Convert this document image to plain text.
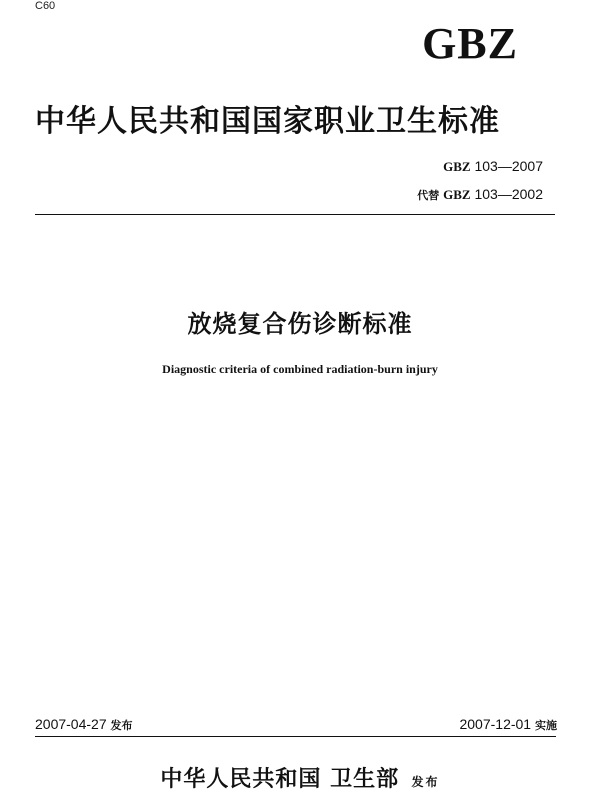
C60
GBZ
中华人民共和国国家职业卫生标准
GBZ 103—2007
代替 GBZ 103—2002
放烧复合伤诊断标准
Diagnostic criteria of combined radiation-burn injury
2007-04-27 发布	2007-12-01 实施
中华人民共和国 卫生部 发布
